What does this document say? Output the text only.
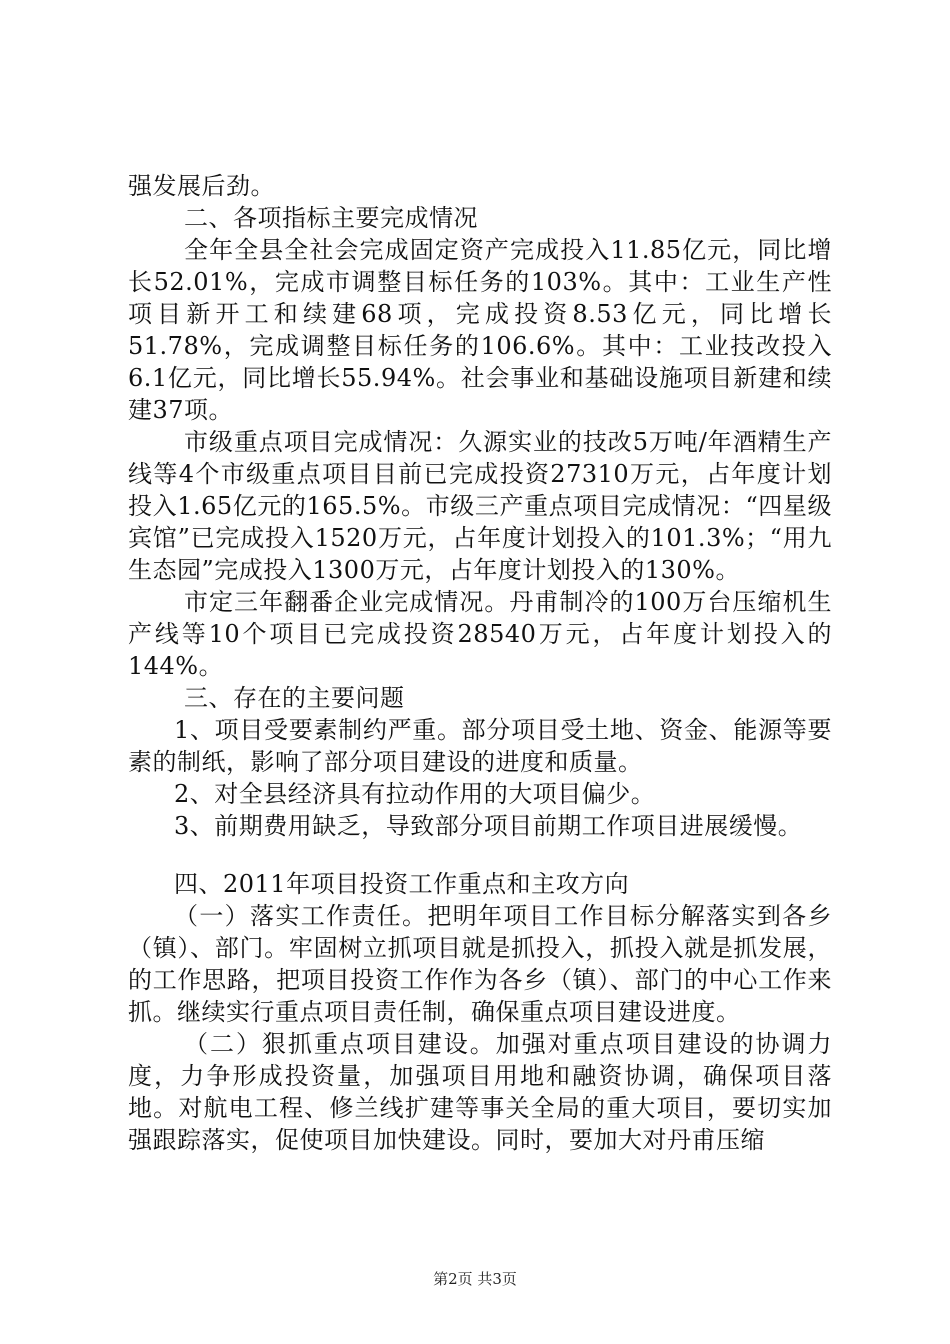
强发展后劲。

二、各项指标主要完成情况

全年全县全社会完成固定资产完成投入11.85亿元，同比增长52.01%，完成市调整目标任务的103%。其中：工业生产性项目新开工和续建68项，完成投资8.53亿元，同比增长51.78%，完成调整目标任务的106.6%。其中：工业技改投入6.1亿元，同比增长55.94%。社会事业和基础设施项目新建和续建37项。

市级重点项目完成情况：久源实业的技改5万吨/年酒精生产线等4个市级重点项目目前已完成投资27310万元，占年度计划投入1.65亿元的165.5%。市级三产重点项目完成情况：“四星级宾馆”已完成投入1520万元，占年度计划投入的101.3%；“用九生态园”完成投入1300万元，占年度计划投入的130%。

市定三年翻番企业完成情况。丹甫制冷的100万台压缩机生产线等10个项目已完成投资28540万元，占年度计划投入的144%。

三、存在的主要问题

1、项目受要素制约严重。部分项目受土地、资金、能源等要素的制纸，影响了部分项目建设的进度和质量。

2、对全县经济具有拉动作用的大项目偏少。

3、前期费用缺乏，导致部分项目前期工作项目进展缓慢。

四、2011年项目投资工作重点和主攻方向

（一）落实工作责任。把明年项目工作目标分解落实到各乡（镇）、部门。牢固树立抓项目就是抓投入，抓投入就是抓发展，的工作思路，把项目投资工作作为各乡（镇）、部门的中心工作来抓。继续实行重点项目责任制，确保重点项目建设进度。

（二）狠抓重点项目建设。加强对重点项目建设的协调力度，力争形成投资量，加强项目用地和融资协调，确保项目落地。对航电工程、修兰线扩建等事关全局的重大项目，要切实加强跟踪落实，促使项目加快建设。同时，要加大对丹甫压缩

第2页 共3页
